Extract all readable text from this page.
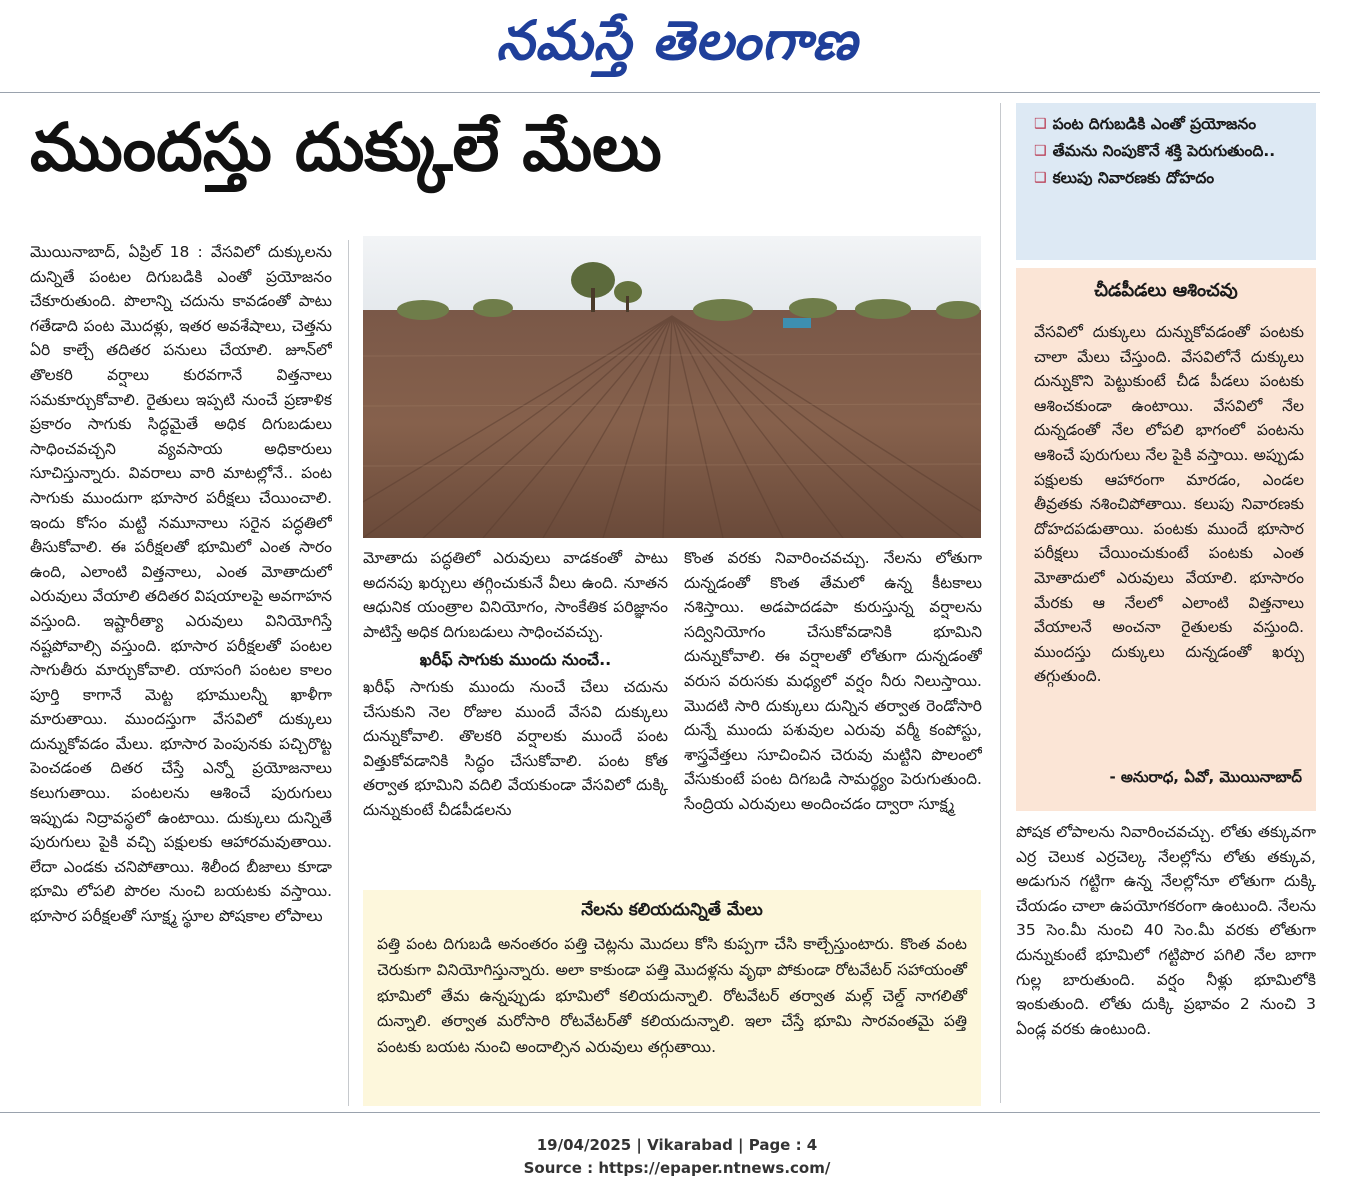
నమస్తే తెలంగాణ
ముందస్తు దుక్కులే మేలు	❑ పంట దిగుబడికి ఎంతో ప్రయోజనం
❑ తేమను నింపుకొనే శక్తి పెరుగుతుంది..
❑ కలుపు నివారణకు దోహదం

మొయినాబాద్, ఏప్రిల్ 18 : వేసవిలో దుక్కులను దున్నితే పంటల దిగుబడికి ఎంతో ప్రయోజనం చేకూరుతుంది. పొలాన్ని చదును కావడంతో పాటు గతేడాది పంట మొదళ్లు, ఇతర అవశేషాలు, చెత్తను ఏరి కాల్చే తదితర పనులు చేయాలి. జూన్‌లో తొలకరి వర్షాలు కురవగానే విత్తనాలు సమకూర్చుకోవాలి. రైతులు ఇప్పటి నుంచే ప్రణాళిక ప్రకారం సాగుకు సిద్ధమైతే అధిక దిగుబడులు సాధించవచ్చని వ్యవసాయ అధికారులు సూచిస్తున్నారు. వివరాలు వారి మాటల్లోనే.. పంట సాగుకు ముందుగా భూసార పరీక్షలు చేయించాలి. ఇందు కోసం మట్టి నమూనాలు సరైన పద్ధతిలో తీసుకోవాలి. ఈ పరీక్షలతో భూమిలో ఎంత సారం ఉంది, ఎలాంటి విత్తనాలు, ఎంత మోతాదులో ఎరువులు వేయాలి తదితర విషయాలపై అవగాహన వస్తుంది. ఇష్టారీత్యా ఎరువులు వినియోగిస్తే నష్టపోవాల్సి వస్తుంది. భూసార పరీక్షలతో పంటల సాగుతీరు మార్చుకోవాలి. యాసంగి పంటల కాలం పూర్తి కాగానే మెట్ట భూములన్నీ ఖాళీగా మారుతాయి. ముందస్తుగా వేసవిలో దుక్కులు దున్నుకోవడం మేలు. భూసార పెంపునకు పచ్చిరొట్ట పెంచడంత దితర చేస్తే ఎన్నో ప్రయోజనాలు కలుగుతాయి. పంటలను ఆశించే పురుగులు ఇప్పుడు నిద్రావస్థలో ఉంటాయి. దుక్కులు దున్నితే పురుగులు పైకి వచ్చి పక్షులకు ఆహారమవుతాయి. లేదా ఎండకు చనిపోతాయి. శిలీంద బీజాలు కూడా భూమి లోపలి పొరల నుంచి బయటకు వస్తాయి. భూసార పరీక్షలతో సూక్ష్మ స్థూల పోషకాల లోపాలు

మోతాదు పద్ధతిలో ఎరువులు వాడకంతో పాటు అదనపు ఖర్చులు తగ్గించుకునే వీలు ఉంది. నూతన ఆధునిక యంత్రాల వినియోగం, సాంకేతిక పరిజ్ఞానం పాటిస్తే అధిక దిగుబడులు సాధించవచ్చు.

ఖరీఫ్ సాగుకు ముందు నుంచే..

ఖరీఫ్ సాగుకు ముందు నుంచే చేలు చదును చేసుకుని నెల రోజుల ముందే వేసవి దుక్కులు దున్నుకోవాలి. తొలకరి వర్షాలకు ముందే పంట విత్తుకోవడానికి సిద్ధం చేసుకోవాలి. పంట కోత తర్వాత భూమిని వదిలి వేయకుండా వేసవిలో దుక్కి దున్నుకుంటే చీడపీడలను

కొంత వరకు నివారించవచ్చు. నేలను లోతుగా దున్నడంతో కొంత తేమలో ఉన్న కీటకాలు నశిస్తాయి. అడపాదడపా కురుస్తున్న వర్షాలను సద్వినియోగం చేసుకోవడానికి భూమిని దున్నుకోవాలి. ఈ వర్షాలతో లోతుగా దున్నడంతో వరుస వరుసకు మధ్యలో వర్షం నీరు నిలుస్తాయి. మొదటి సారి దుక్కులు దున్నిన తర్వాత రెండోసారి దున్నే ముందు పశువుల ఎరువు వర్మీ కంపోస్టు, శాస్త్రవేత్తలు సూచించిన చెరువు మట్టిని పొలంలో వేసుకుంటే పంట దిగబడి సామర్థ్యం పెరుగుతుంది. సేంద్రియ ఎరువులు అందించడం ద్వారా సూక్ష్మ

నేలను కలియదున్నితే మేలు
పత్తి పంట దిగుబడి అనంతరం పత్తి చెట్లను మొదలు కోసి కుప్పగా చేసి కాల్చేస్తుంటారు. కొంత వంట చెరుకుగా వినియోగిస్తున్నారు. అలా కాకుండా పత్తి మొదళ్లను వృథా పోకుండా రోటవేటర్ సహాయంతో భూమిలో తేమ ఉన్నప్పుడు భూమిలో కలియదున్నాలి. రోటవేటర్ తర్వాత మల్ల్ చెల్డ్ నాగలితో దున్నాలి. తర్వాత మరోసారి రోటవేటర్‌తో కలియదున్నాలి. ఇలా చేస్తే భూమి సారవంతమై పత్తి పంటకు బయట నుంచి అందాల్సిన ఎరువులు తగ్గుతాయి.
చీడపీడలు ఆశించవు
వేసవిలో దుక్కులు దున్నుకోవడంతో పంటకు చాలా మేలు చేస్తుంది. వేసవిలోనే దుక్కులు దున్నుకొని పెట్టుకుంటే చీడ పీడలు పంటకు ఆశించకుండా ఉంటాయి. వేసవిలో నేల దున్నడంతో నేల లోపలి భాగంలో పంటను ఆశించే పురుగులు నేల పైకి వస్తాయి. అప్పుడు పక్షులకు ఆహారంగా మారడం, ఎండల తీవ్రతకు నశించిపోతాయి. కలుపు నివారణకు దోహదపడుతాయి. పంటకు ముందే భూసార పరీక్షలు చేయించుకుంటే పంటకు ఎంత మోతాదులో ఎరువులు వేయాలి. భూసారం మేరకు ఆ నేలలో ఎలాంటి విత్తనాలు వేయాలనే అంచనా రైతులకు వస్తుంది. ముందస్తు దుక్కులు దున్నడంతో ఖర్చు తగ్గుతుంది.
- అనురాధ, ఏవో, మొయినాబాద్

పోషక లోపాలను నివారించవచ్చు. లోతు తక్కువగా ఎర్ర చెలుక ఎర్రచెల్క నేలల్లోను లోతు తక్కువ, అడుగున గట్టిగా ఉన్న నేలల్లోనూ లోతుగా దుక్కి చేయడం చాలా ఉపయోగకరంగా ఉంటుంది. నేలను 35 సెం.మీ నుంచి 40 సెం.మీ వరకు లోతుగా దున్నుకుంటే భూమిలో గట్టిపొర పగిలి నేల బాగా గుల్ల బారుతుంది. వర్షం నీళ్లు భూమిలోకి ఇంకుతుంది. లోతు దుక్కి ప్రభావం 2 నుంచి 3 ఏండ్ల వరకు ఉంటుంది.

19/04/2025 | Vikarabad | Page : 4
Source : https://epaper.ntnews.com/
